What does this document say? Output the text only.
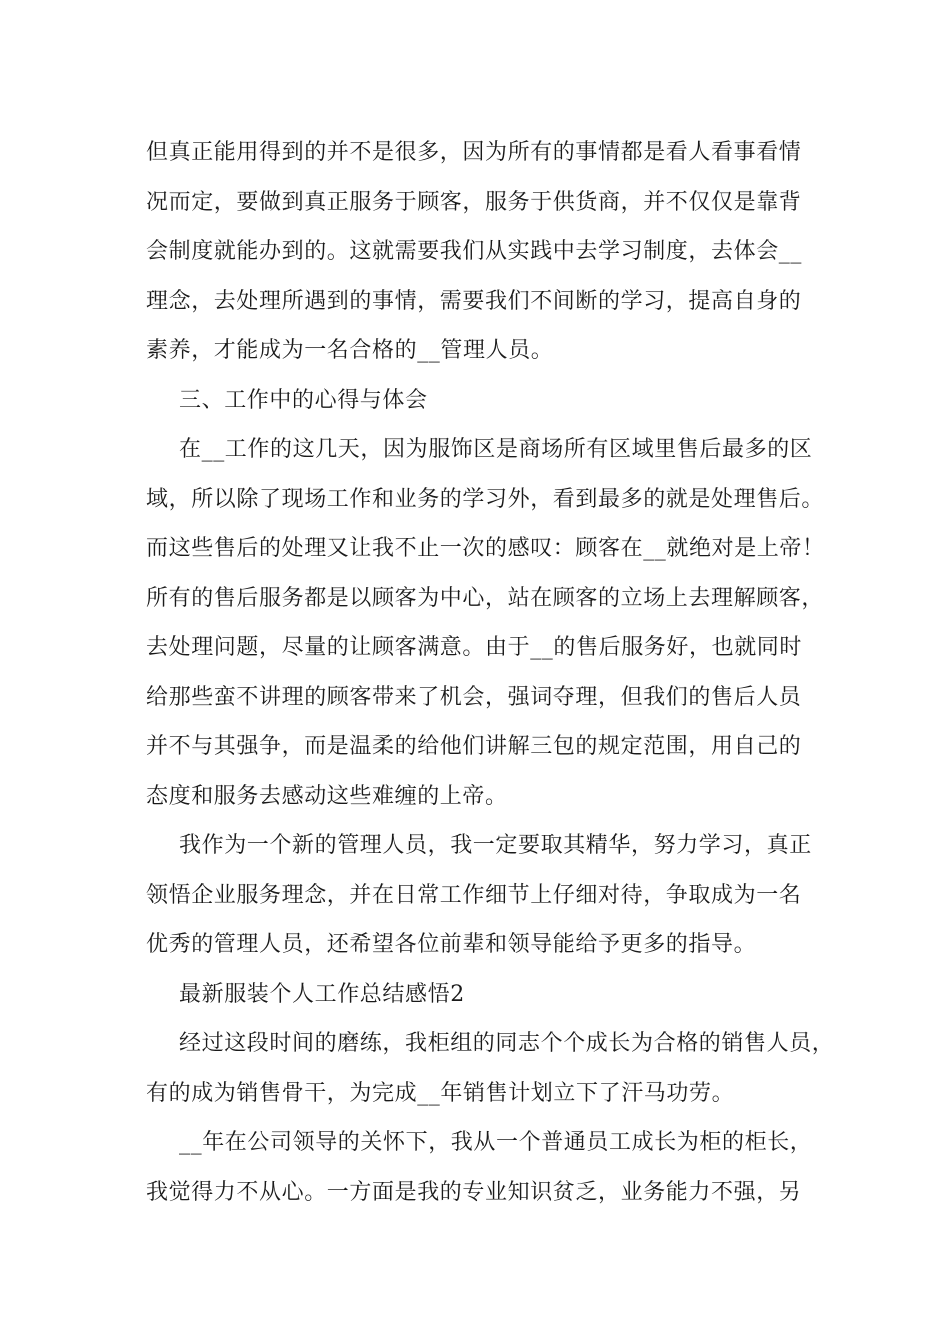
但真正能用得到的并不是很多，因为所有的事情都是看人看事看情
况而定，要做到真正服务于顾客，服务于供货商，并不仅仅是靠背
会制度就能办到的。这就需要我们从实践中去学习制度，去体会__
理念，去处理所遇到的事情，需要我们不间断的学习，提高自身的
素养，才能成为一名合格的__管理人员。
三、工作中的心得与体会
在__工作的这几天，因为服饰区是商场所有区域里售后最多的区
域，所以除了现场工作和业务的学习外，看到最多的就是处理售后。
而这些售后的处理又让我不止一次的感叹：顾客在__就绝对是上帝！
所有的售后服务都是以顾客为中心，站在顾客的立场上去理解顾客，
去处理问题，尽量的让顾客满意。由于__的售后服务好，也就同时
给那些蛮不讲理的顾客带来了机会，强词夺理，但我们的售后人员
并不与其强争，而是温柔的给他们讲解三包的规定范围，用自己的
态度和服务去感动这些难缠的上帝。
我作为一个新的管理人员，我一定要取其精华，努力学习，真正
领悟企业服务理念，并在日常工作细节上仔细对待，争取成为一名
优秀的管理人员，还希望各位前辈和领导能给予更多的指导。
最新服装个人工作总结感悟2
经过这段时间的磨练，我柜组的同志个个成长为合格的销售人员，
有的成为销售骨干，为完成__年销售计划立下了汗马功劳。
__年在公司领导的关怀下，我从一个普通员工成长为柜的柜长，
我觉得力不从心。一方面是我的专业知识贫乏，业务能力不强，另
